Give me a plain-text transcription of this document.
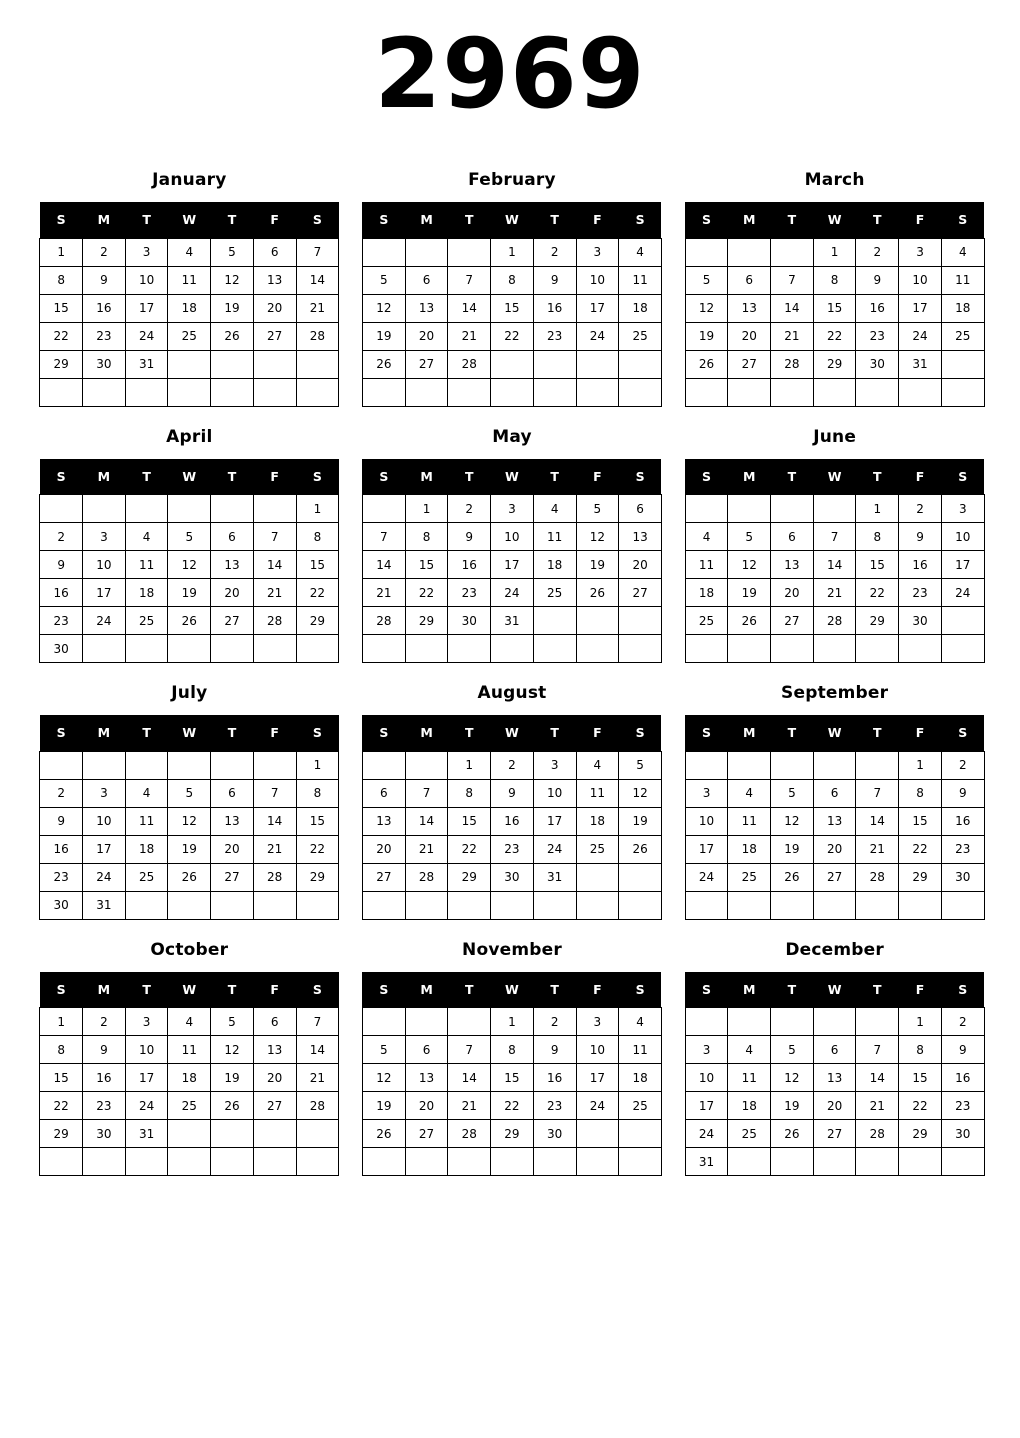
2969
January
S	M	T	W	T	F	S
1	2	3	4	5	6	7
8	9	10	11	12	13	14
15	16	17	18	19	20	21
22	23	24	25	26	27	28
29	30	31				

February
S	M	T	W	T	F	S
			1	2	3	4
5	6	7	8	9	10	11
12	13	14	15	16	17	18
19	20	21	22	23	24	25
26	27	28				

March
S	M	T	W	T	F	S
			1	2	3	4
5	6	7	8	9	10	11
12	13	14	15	16	17	18
19	20	21	22	23	24	25
26	27	28	29	30	31	

April
S	M	T	W	T	F	S
						1
2	3	4	5	6	7	8
9	10	11	12	13	14	15
16	17	18	19	20	21	22
23	24	25	26	27	28	29
30						
May
S	M	T	W	T	F	S
	1	2	3	4	5	6
7	8	9	10	11	12	13
14	15	16	17	18	19	20
21	22	23	24	25	26	27
28	29	30	31			

June
S	M	T	W	T	F	S
				1	2	3
4	5	6	7	8	9	10
11	12	13	14	15	16	17
18	19	20	21	22	23	24
25	26	27	28	29	30	

July
S	M	T	W	T	F	S
						1
2	3	4	5	6	7	8
9	10	11	12	13	14	15
16	17	18	19	20	21	22
23	24	25	26	27	28	29
30	31					
August
S	M	T	W	T	F	S
		1	2	3	4	5
6	7	8	9	10	11	12
13	14	15	16	17	18	19
20	21	22	23	24	25	26
27	28	29	30	31		

September
S	M	T	W	T	F	S
					1	2
3	4	5	6	7	8	9
10	11	12	13	14	15	16
17	18	19	20	21	22	23
24	25	26	27	28	29	30

October
S	M	T	W	T	F	S
1	2	3	4	5	6	7
8	9	10	11	12	13	14
15	16	17	18	19	20	21
22	23	24	25	26	27	28
29	30	31				

November
S	M	T	W	T	F	S
			1	2	3	4
5	6	7	8	9	10	11
12	13	14	15	16	17	18
19	20	21	22	23	24	25
26	27	28	29	30		

December
S	M	T	W	T	F	S
					1	2
3	4	5	6	7	8	9
10	11	12	13	14	15	16
17	18	19	20	21	22	23
24	25	26	27	28	29	30
31						
